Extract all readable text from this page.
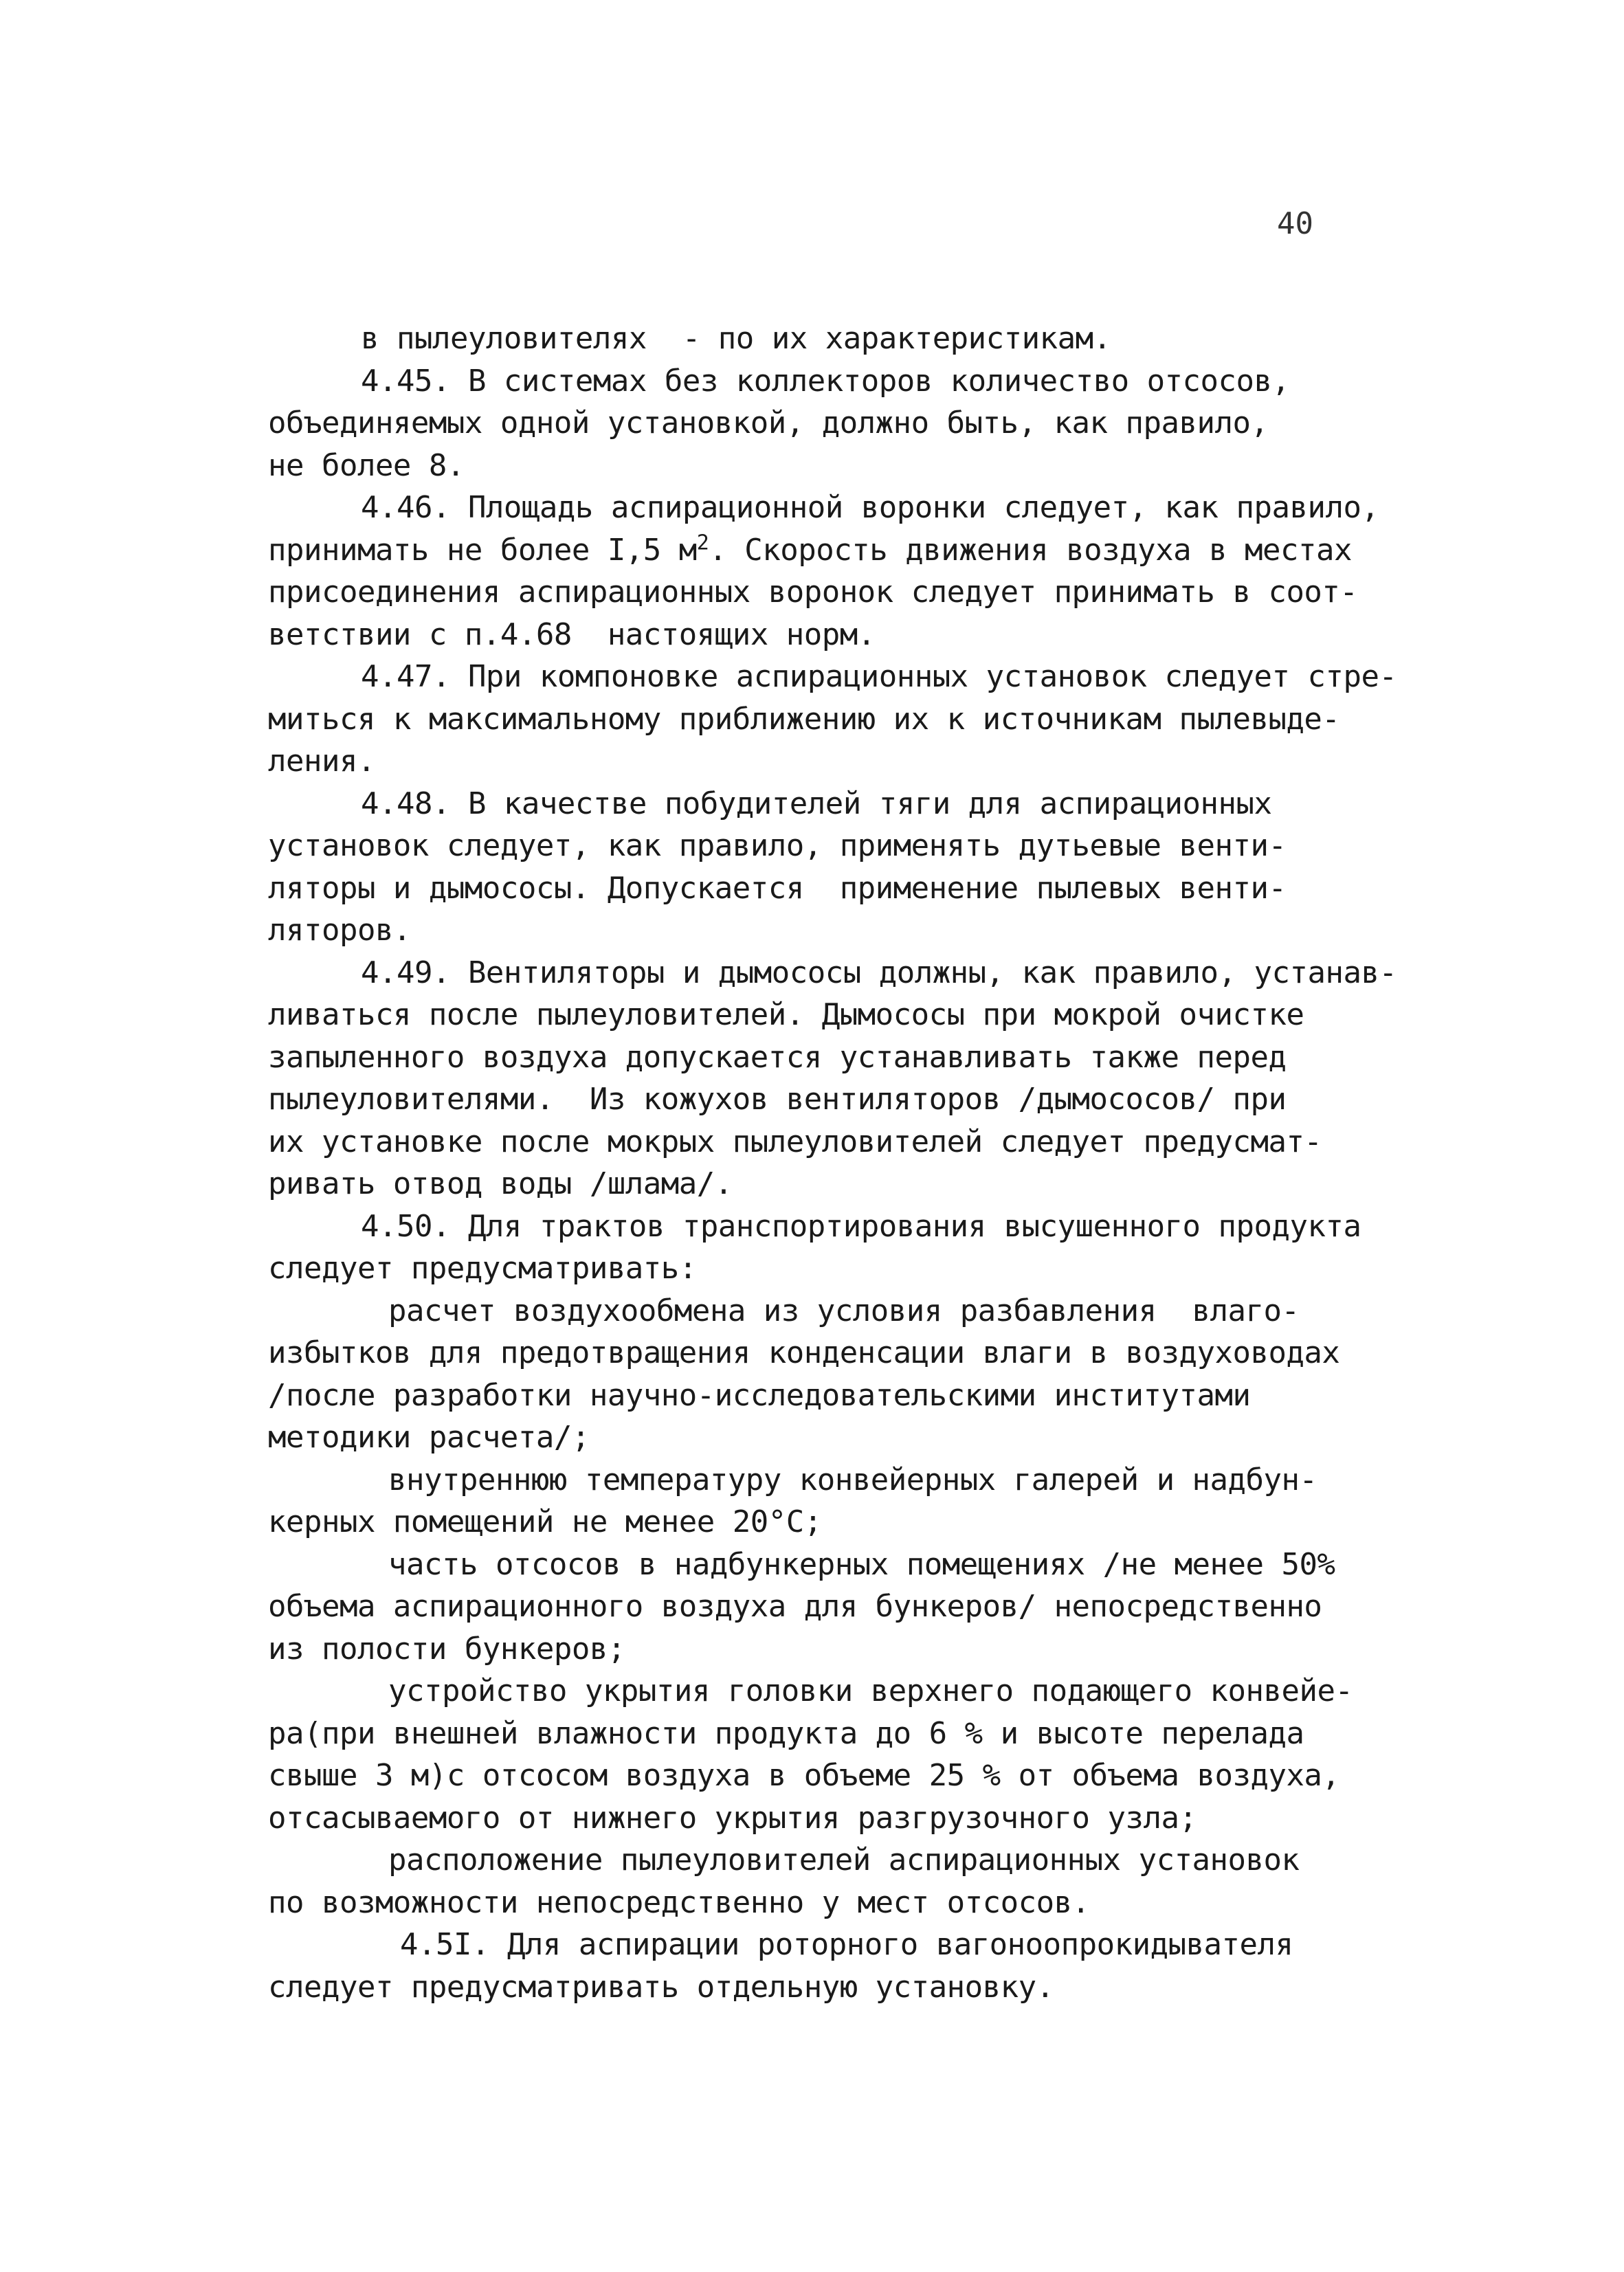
40
в пылеуловителях  - по их характеристикам.
4.45. В системах без коллекторов количество отсосов,
объединяемых одной установкой, должно быть, как правило,
не более 8.
4.46. Площадь аспирационной воронки следует, как правило,
принимать не более I,5 $м^2$. Скорость движения воздуха в местах
присоединения аспирационных воронок следует принимать в соот-
ветствии с п.4.68  настоящих норм.
4.47. При компоновке аспирационных установок следует стре-
миться к максимальному приближению их к источникам пылевыде-
ления.
4.48. В качестве побудителей тяги для аспирационных
установок следует, как правило, применять дутьевые венти-
ляторы и дымососы. Допускается  применение пылевых венти-
ляторов.
4.49. Вентиляторы и дымососы должны, как правило, устанав-
ливаться после пылеуловителей. Дымососы при мокрой очистке
запыленного воздуха допускается устанавливать также перед
пылеуловителями.  Из кожухов вентиляторов /дымососов/ при
их установке после мокрых пылеуловителей следует предусмат-
ривать отвод воды /шлама/.
4.50. Для трактов транспортирования высушенного продукта
следует предусматривать:
расчет воздухообмена из условия разбавления  влаго-
избытков для предотвращения конденсации влаги в воздуховодах
/после разработки научно-исследовательскими институтами
методики расчета/;
внутреннюю температуру конвейерных галерей и надбун-
керных помещений не менее 20°С;
часть отсосов в надбункерных помещениях /не менее 50%
объема аспирационного воздуха для бункеров/ непосредственно
из полости бункеров;
устройство укрытия головки верхнего подающего конвейе-
ра(при внешней влажности продукта до 6 % и высоте перелада
свыше 3 м)с отсосом воздуха в объеме 25 % от объема воздуха,
отсасываемого от нижнего укрытия разгрузочного узла;
расположение пылеуловителей аспирационных установок
по возможности непосредственно у мест отсосов.
4.5I. Для аспирации роторного вагоноопрокидывателя
следует предусматривать отдельную установку.
